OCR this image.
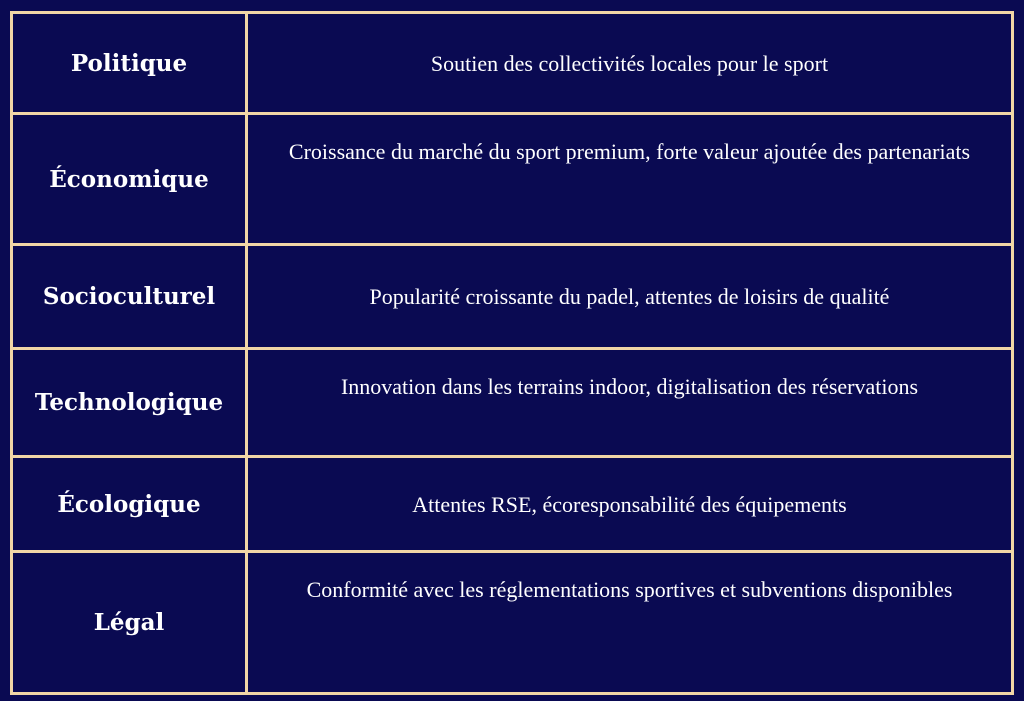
Politique	Soutien des collectivités locales pour le sport
Économique	Croissance du marché du sport premium, forte valeur ajoutée des partenariats
Socioculturel	Popularité croissante du padel, attentes de loisirs de qualité
Technologique	Innovation dans les terrains indoor, digitalisation des réservations
Écologique	Attentes RSE, écoresponsabilité des équipements
Légal	Conformité avec les réglementations sportives et subventions disponibles
